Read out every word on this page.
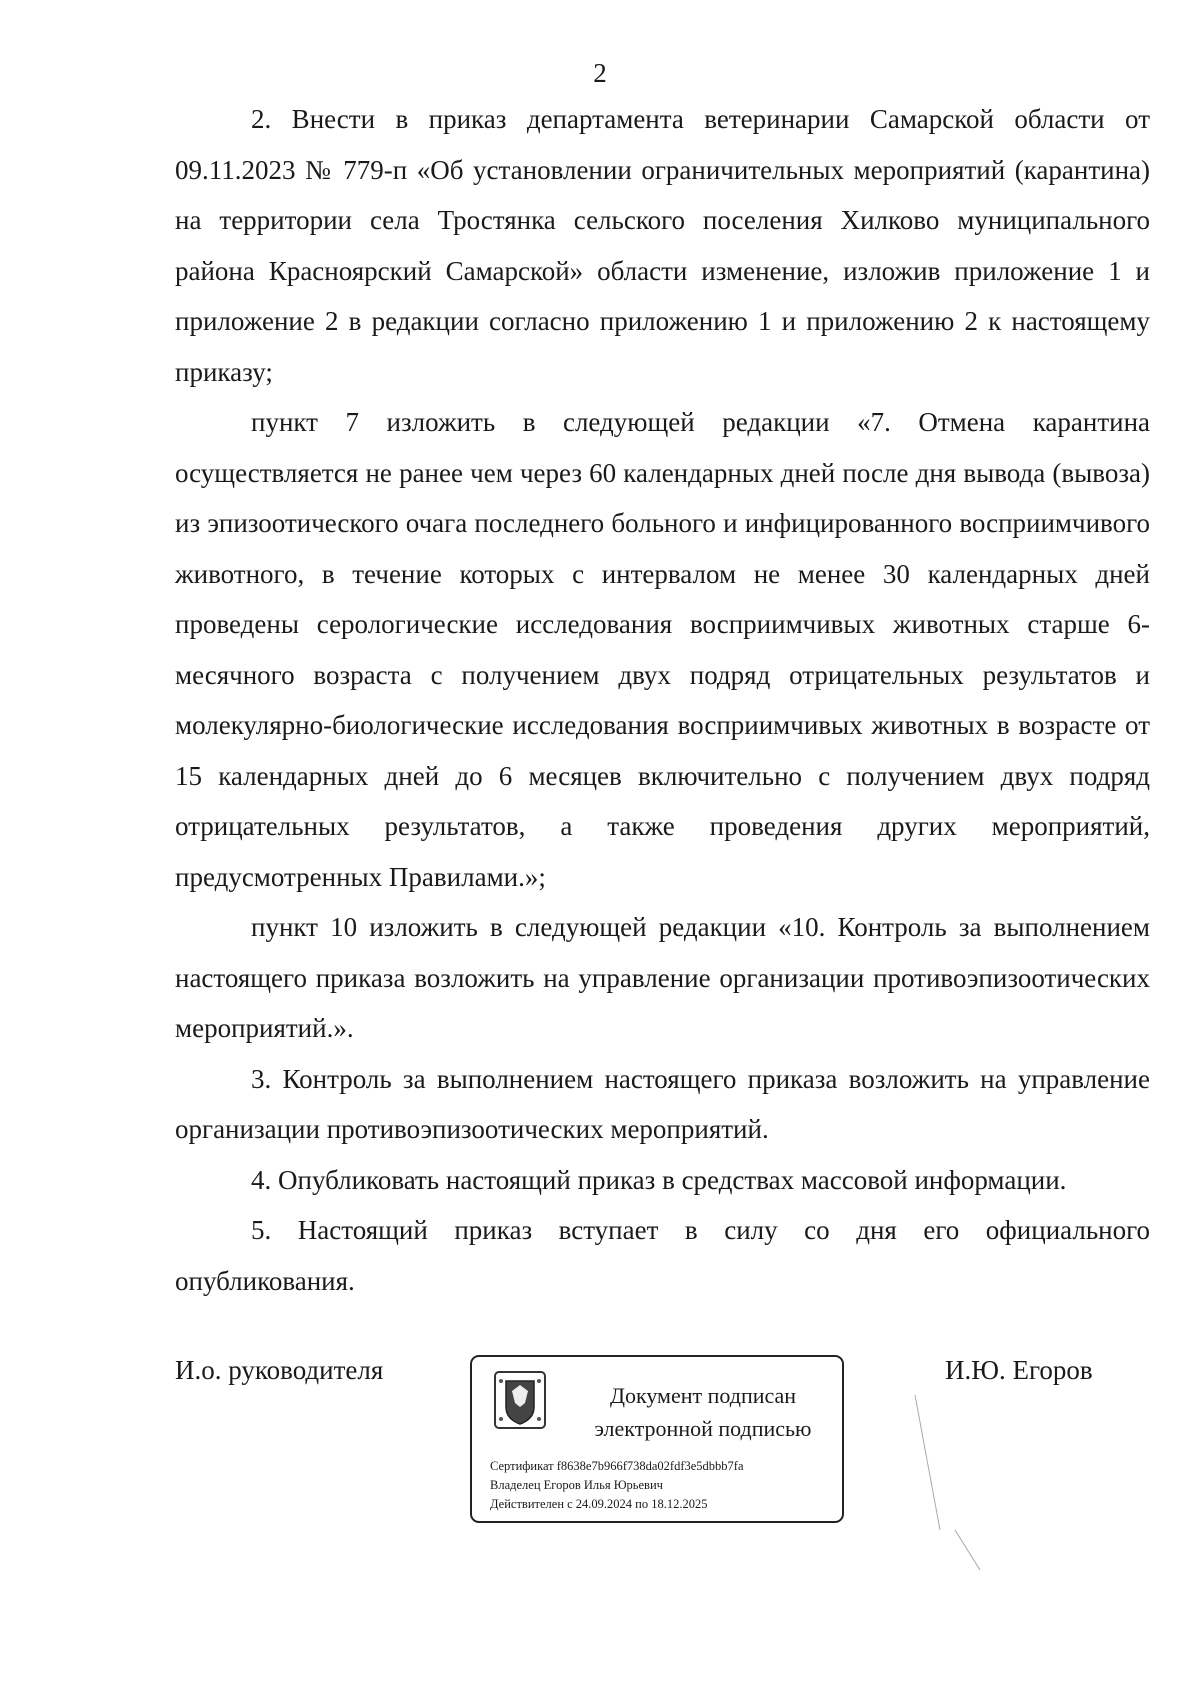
2

2. Внести в приказ департамента ветеринарии Самарской области от 09.11.2023 № 779-п «Об установлении ограничительных мероприятий (карантина) на территории села Тростянка сельского поселения Хилково муниципального района Красноярский Самарской» области изменение, изложив приложение 1 и приложение 2 в редакции согласно приложению 1 и приложению 2 к настоящему приказу;

пункт 7 изложить в следующей редакции «7. Отмена карантина осуществляется не ранее чем через 60 календарных дней после дня вывода (вывоза) из эпизоотического очага последнего больного и инфицированного восприимчивого животного, в течение которых с интервалом не менее 30 календарных дней проведены серологические исследования восприимчивых животных старше 6-месячного возраста с получением двух подряд отрицательных результатов и молекулярно-биологические исследования восприимчивых животных в возрасте от 15 календарных дней до 6 месяцев включительно с получением двух подряд отрицательных результатов, а также проведения других мероприятий, предусмотренных Правилами.»;

пункт 10 изложить в следующей редакции «10. Контроль за выполнением настоящего приказа возложить на управление организации противоэпизоотических мероприятий.».

3. Контроль за выполнением настоящего приказа возложить на управление организации противоэпизоотических мероприятий.

4. Опубликовать настоящий приказ в средствах массовой информации.

5. Настоящий приказ вступает в силу со дня его официального опубликования.

И.о. руководителя
Документ подписан
электронной подписью
Сертификат f8638e7b966f738da02fdf3e5dbbb7fa
Владелец Егоров Илья Юрьевич
Действителен с 24.09.2024 по 18.12.2025
И.Ю. Егоров
